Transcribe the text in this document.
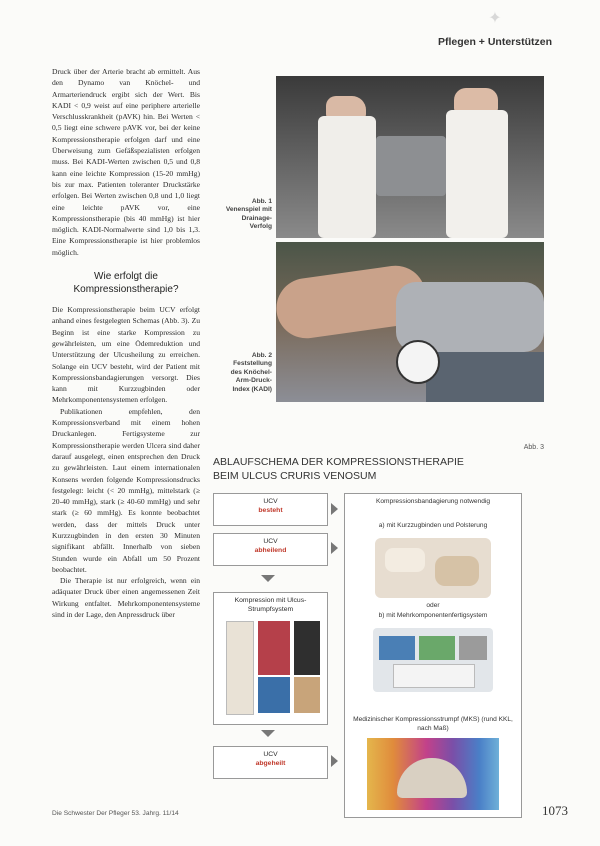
✦
Pflegen + Unterstützen

Druck über der Arterie bracht ab ermittelt. Aus den Dynamo van Knöchel- und Armarteriendruck ergibt sich der Wert. Bis KADI < 0,9 weist auf eine periphere arterielle Verschlusskrankheit (pAVK) hin. Bei Werten < 0,5 liegt eine schwere pAVK vor, bei der keine Kompressionstherapie erfolgen darf und eine Überweisung zum Gefäßspezialisten erfolgen muss. Bei KADI-Werten zwischen 0,5 und 0,8 kann eine leichte Kompression (15-20 mmHg) bis zur max. Patienten toleranter Druckstärke erfolgen. Bei Werten zwischen 0,8 und 1,0 liegt eine leichte pAVK vor, eine Kompressionstherapie (bis 40 mmHg) ist hier möglich. KADI-Normalwerte sind 1,0 bis 1,3. Eine Kompressionstherapie ist hier problemlos möglich.

Wie erfolgt die Kompressionstherapie?

Die Kompressionstherapie beim UCV erfolgt anhand eines festgelegten Schemas (Abb. 3). Zu Beginn ist eine starke Kompression zu gewährleisten, um eine Ödemreduktion und Unterstützung der Ulcusheilung zu erreichen. Solange ein UCV besteht, wird der Patient mit Kompressionsbandagierungen versorgt. Dies kann mit Kurzzugbinden oder Mehrkomponentensystemen erfolgen.

Publikationen empfehlen, den Kompressionsverband mit einem hohen Druckanlegen. Fertigsysteme zur Kompressionstherapie werden Ulcera sind daher darauf ausgelegt, einen entsprechen den Druck zu gewährleisten. Laut einem internationalen Konsens werden folgende Kompressionsdrucks festgelegt: leicht (< 20 mmHg), mittelstark (≥ 20-40 mmHg), stark (≥ 40-60 mmHg) und sehr stark (≥ 60 mmHg). Es konnte beobachtet werden, dass der mittels Druck unter Kurzzugbinden in den ersten 30 Minuten signifikant abfällt. Innerhalb von sieben Stunden wurde ein Abfall um 50 Prozent beobachtet.

Die Therapie ist nur erfolgreich, wenn ein adäquater Druck über einen angemessenen Zeit Wirkung entfaltet. Mehrkomponentensysteme sind in der Lage, den Anpressdruck über

Abb. 1 Venenspiel mit Drainage-Verfolg
Abb. 2 Feststellung des Knöchel-Arm-Druck-Index (KADI)
Abb. 3
ABLAUFSCHEMA DER KOMPRESSIONSTHERAPIE
BEIM ULCUS CRURIS VENOSUM
UCV
besteht
UCV
abheilend
Kompression mit Ulcus-Strumpfsystem
UCV
abgeheilt
Kompressionsbandagierung notwendig
a) mit Kurzzugbinden und Polsterung
oder
b) mit Mehrkomponentenfertigsystem
Medizinischer Kompressionsstrumpf (MKS) (rund KKL, nach Maß)
Die Schwester Der Pfleger 53. Jahrg. 11/14	1073
